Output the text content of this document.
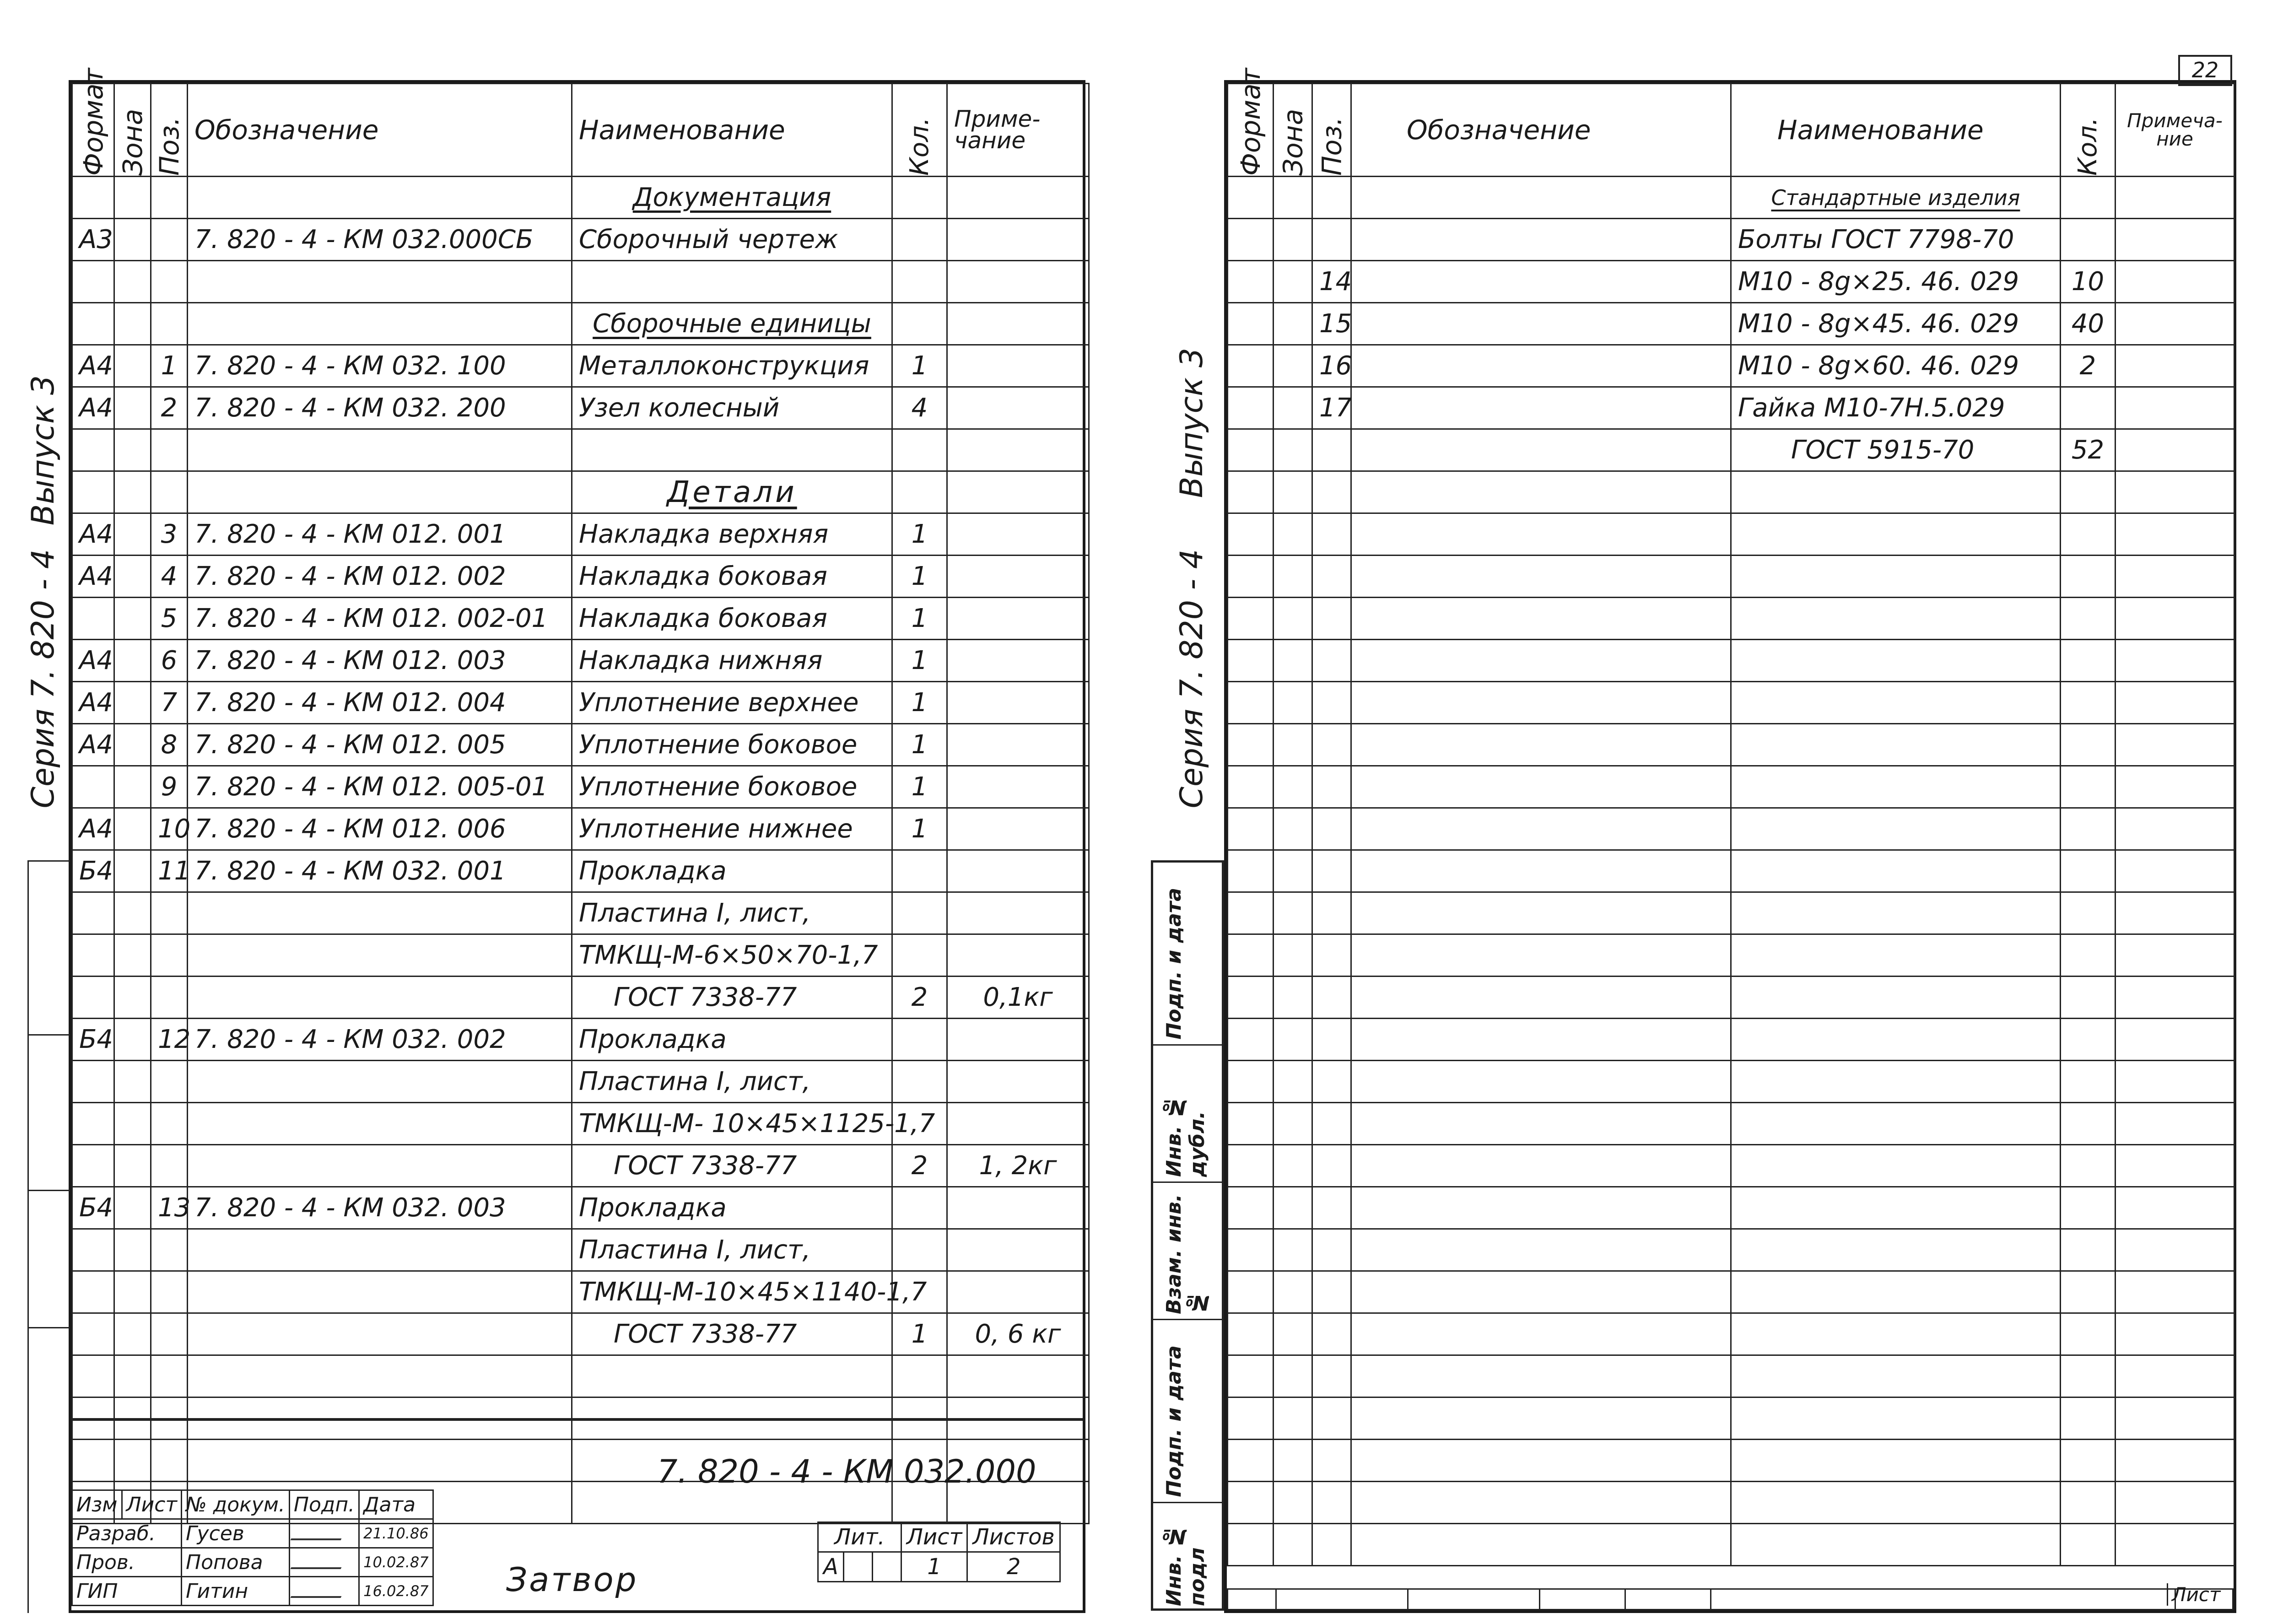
Формат	Зона	Поз.	Обозначение	Наименование	Кол.	Приме-
чание
				Документация		
A3			7. 820 - 4 - КМ 032.000СБ	Сборочный чертеж		

				Сборочные единицы		
A4		1	7. 820 - 4 - КМ 032. 100	Металлоконструкция	1	
A4		2	7. 820 - 4 - КМ 032. 200	Узел колесный	4	

				Детали		
A4		3	7. 820 - 4 - КМ 012. 001	Накладка верхняя	1	
A4		4	7. 820 - 4 - КМ 012. 002	Накладка боковая	1	
		5	7. 820 - 4 - КМ 012. 002-01	Накладка боковая	1	
A4		6	7. 820 - 4 - КМ 012. 003	Накладка нижняя	1	
A4		7	7. 820 - 4 - КМ 012. 004	Уплотнение верхнее	1	
A4		8	7. 820 - 4 - КМ 012. 005	Уплотнение боковое	1	
		9	7. 820 - 4 - КМ 012. 005-01	Уплотнение боковое	1	
A4		10	7. 820 - 4 - КМ 012. 006	Уплотнение нижнее	1	
Б4		11	7. 820 - 4 - КМ 032. 001	Прокладка		
				Пластина I, лист,		
				ТМКЩ-М-6×50×70-1,7		
				ГОСТ 7338-77	2	0,1кг
Б4		12	7. 820 - 4 - КМ 032. 002	Прокладка		
				Пластина I, лист,		
				ТМКЩ-М- 10×45×1125-1,7		
				ГОСТ 7338-77	2	1, 2кг
Б4		13	7. 820 - 4 - КМ 032. 003	Прокладка		
				Пластина I, лист,		
				ТМКЩ-М-10×45×1140-1,7		
				ГОСТ 7338-77	1	0, 6 кг

7. 820 - 4 - КМ 032.000
Затвор
Изм	Лист	№ докум.	Подп.	Дата
Разраб.		Гусев		21.10.86
Пров.		Попова		10.02.87
ГИП		Гитин		16.02.87
Лит.			Лист	Листов
А			1	2
Формат	Зона	Поз.	Обозначение	Наименование	Кол.	Примеча-
ние
				Стандартные изделия		
				Болты ГОСТ 7798-70		
		14		М10 - 8g×25. 46. 029	10	
		15		М10 - 8g×45. 46. 029	40	
		16		М10 - 8g×60. 46. 029	2	
		17		Гайка М10-7Н.5.029		
				ГОСТ 5915-70	52	

Выпуск 3
Серия 7. 820 - 4
Выпуск 3
Серия 7. 820 - 4
Подп. и дата
Инв. № дубл.
Взам. инв. №
Подп. и дата
Инв. № подл
22
Лист
